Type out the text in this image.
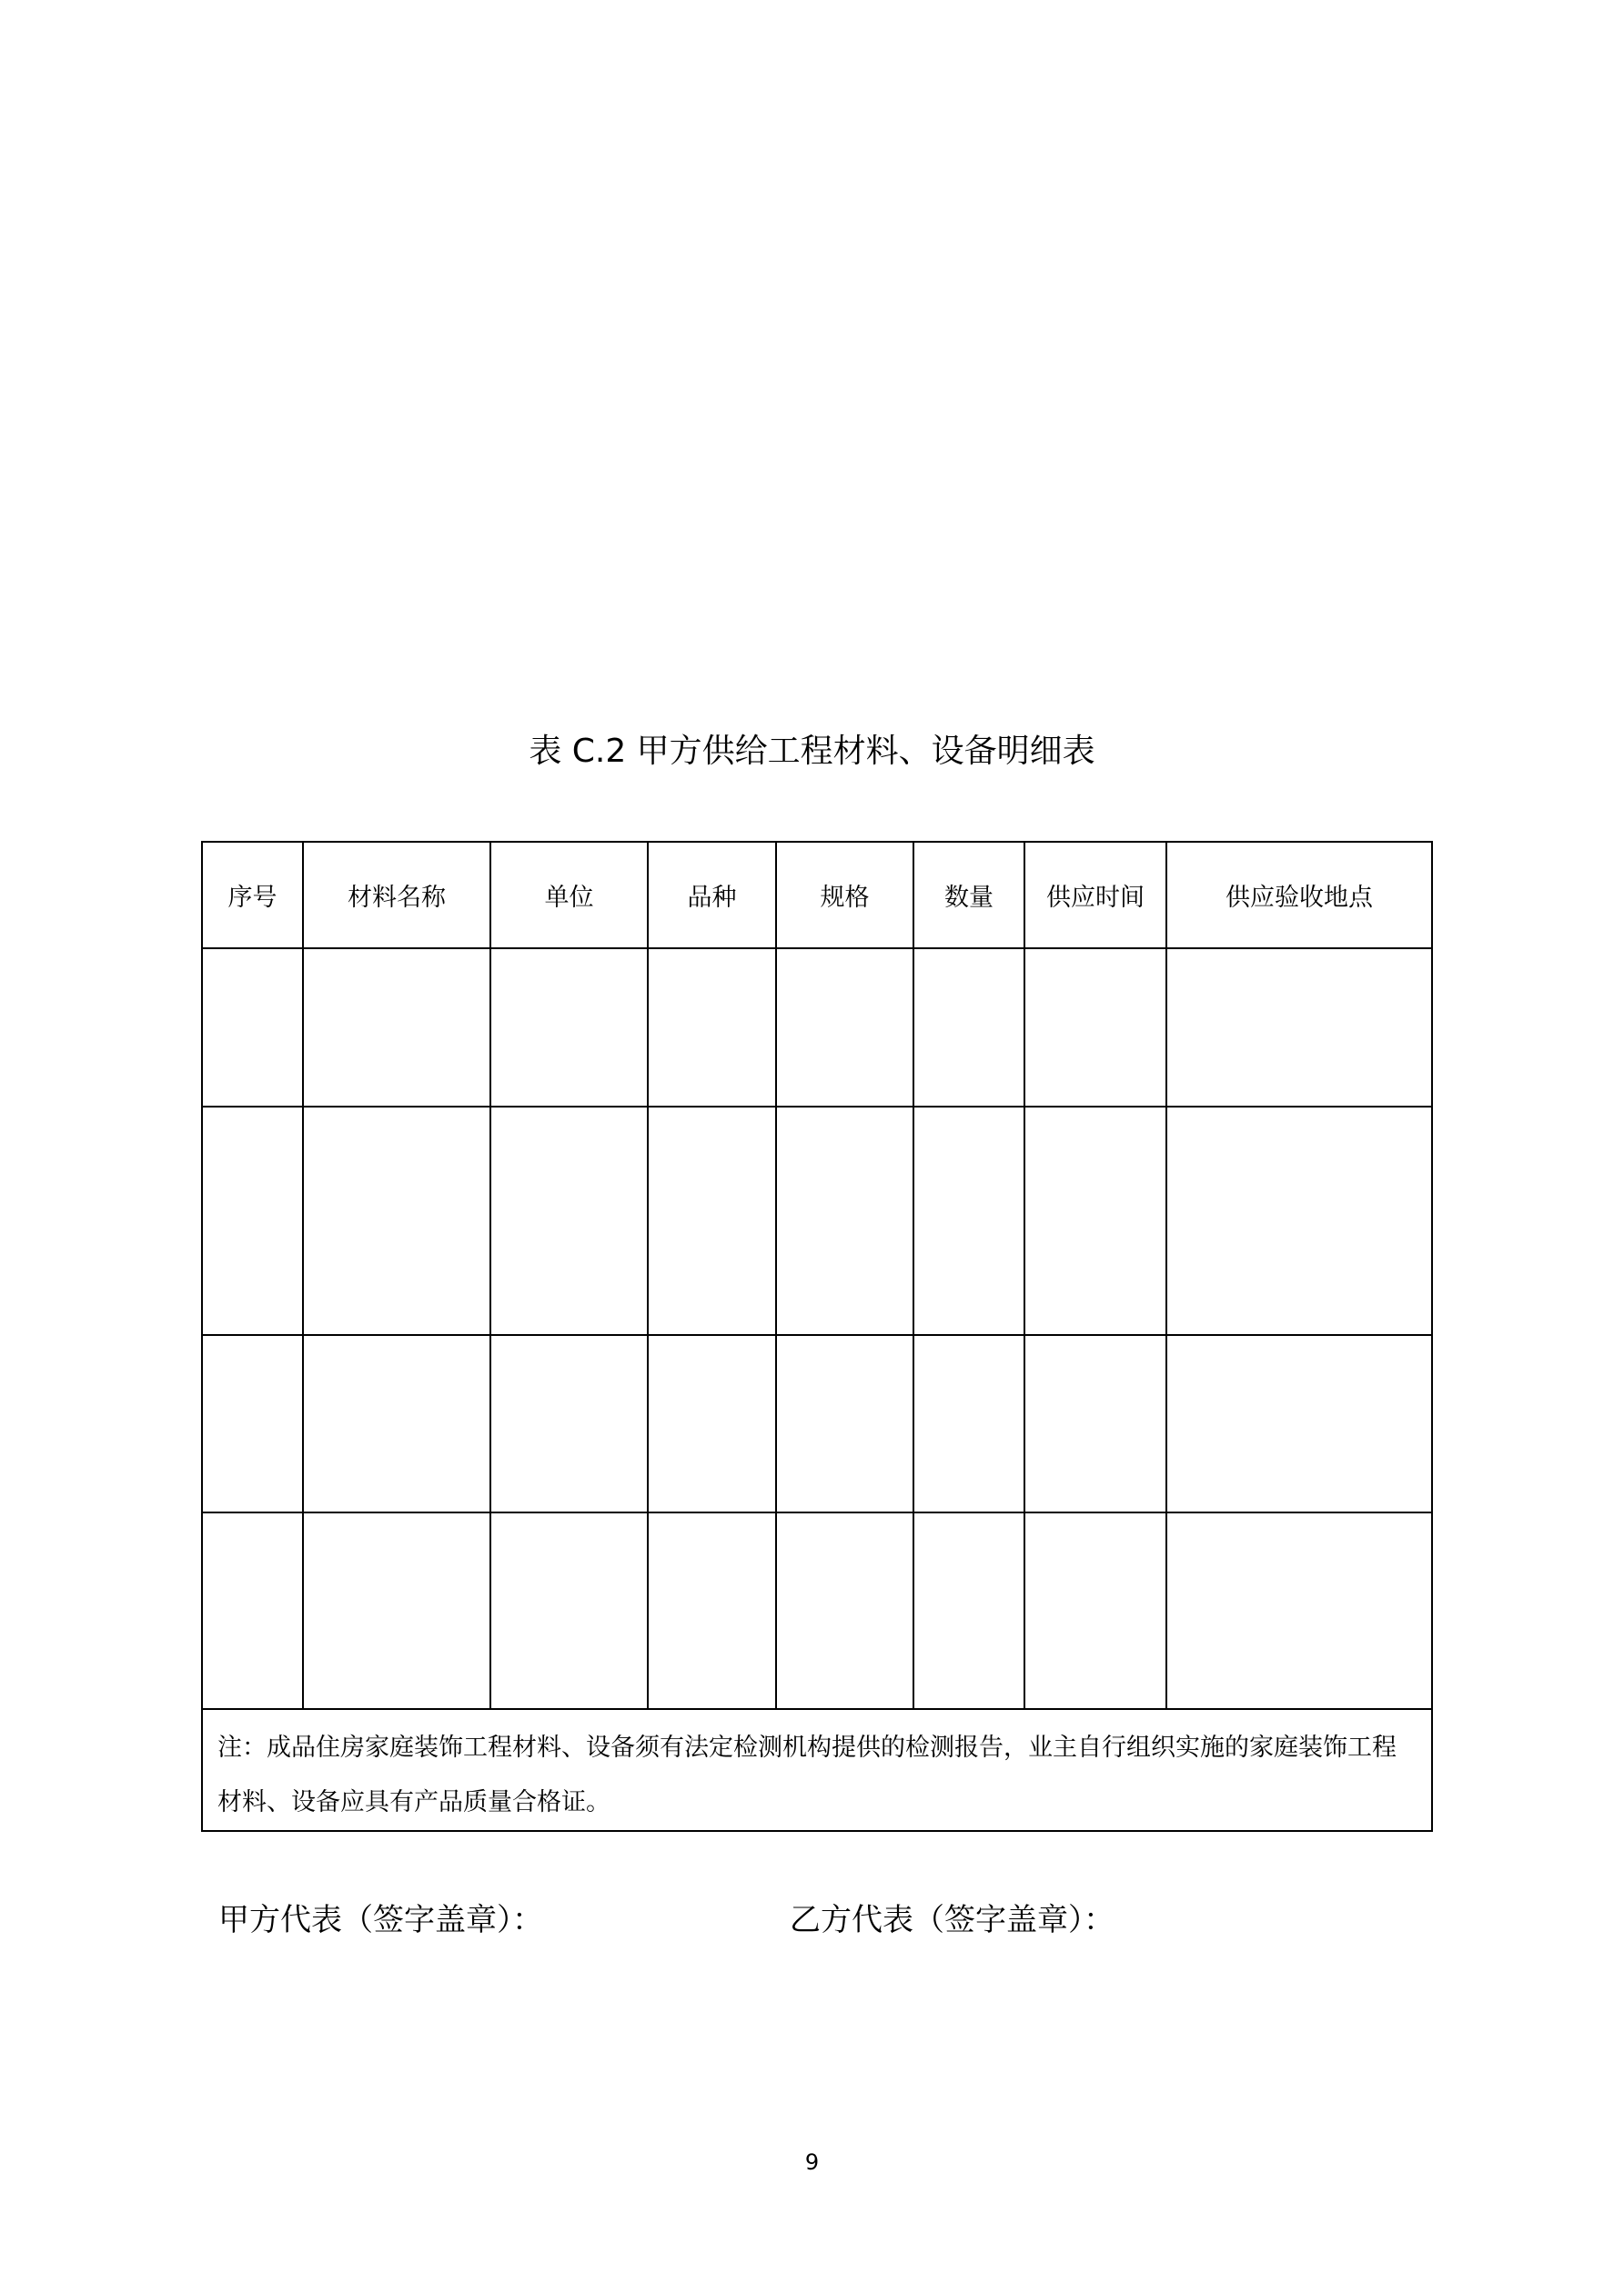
表 C.2 甲方供给工程材料、设备明细表
序号	材料名称	单位	品种	规格	数量	供应时间	供应验收地点

注：成品住房家庭装饰工程材料、设备须有法定检测机构提供的检测报告，业主自行组织实施的家庭装饰工程材料、设备应具有产品质量合格证。							
甲方代表（签字盖章）：	乙方代表（签字盖章）：
9
